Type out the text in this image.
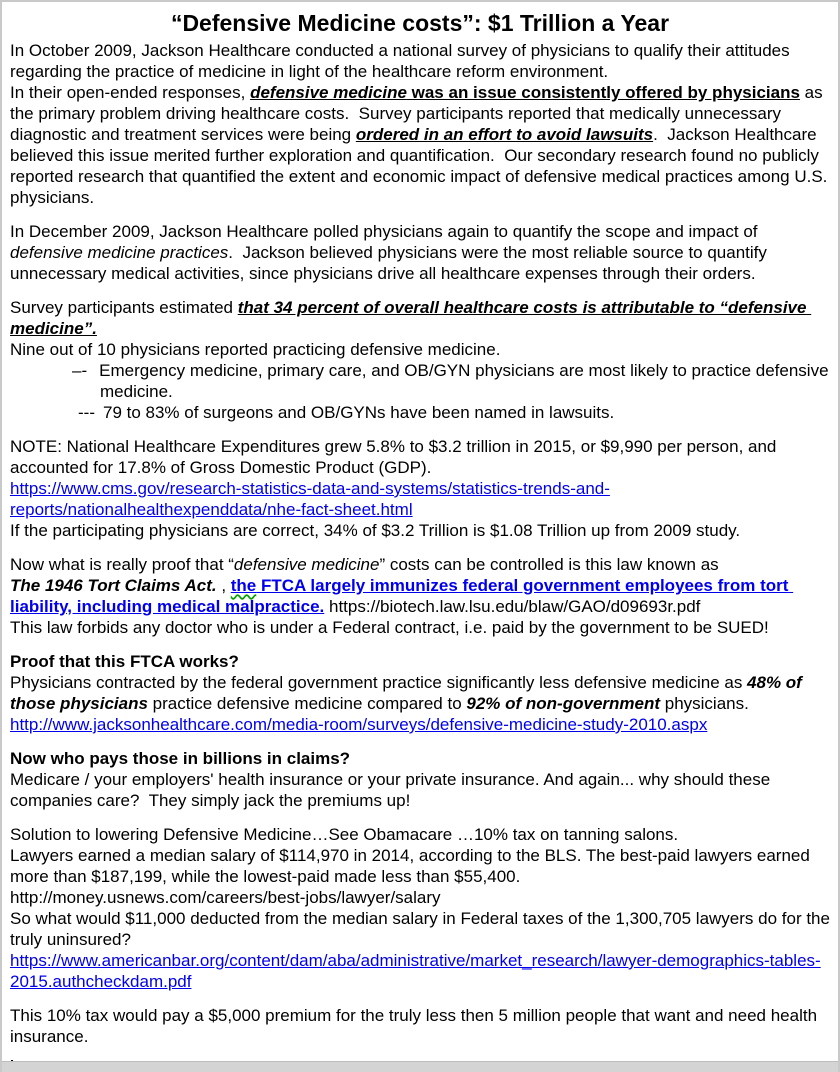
“Defensive Medicine costs”: $1 Trillion a Year
In October 2009, Jackson Healthcare conducted a national survey of physicians to qualify their attitudes regarding the practice of medicine in light of the healthcare reform environment.
In their open-ended responses, defensive medicine was an issue consistently offered by physicians as the primary problem driving healthcare costs.  Survey participants reported that medically unnecessary diagnostic and treatment services were being ordered in an effort to avoid lawsuits.  Jackson Healthcare believed this issue merited further exploration and quantification.  Our secondary research found no publicly reported research that quantified the extent and economic impact of defensive medical practices among U.S. physicians.
In December 2009, Jackson Healthcare polled physicians again to quantify the scope and impact of defensive medicine practices.  Jackson believed physicians were the most reliable source to quantify unnecessary medical activities, since physicians drive all healthcare expenses through their orders.
Survey participants estimated that 34 percent of overall healthcare costs is attributable to “defensive medicine”.
Nine out of 10 physicians reported practicing defensive medicine.
–- Emergency medicine, primary care, and OB/GYN physicians are most likely to practice defensive medicine.
--- 79 to 83% of surgeons and OB/GYNs have been named in lawsuits.
NOTE: National Healthcare Expenditures grew 5.8% to $3.2 trillion in 2015, or $9,990 per person, and accounted for 17.8% of Gross Domestic Product (GDP).
https://www.cms.gov/research-statistics-data-and-systems/statistics-trends-and-reports/nationalhealthexpenddata/nhe-fact-sheet.html
If the participating physicians are correct, 34% of $3.2 Trillion is $1.08 Trillion up from 2009 study.
Now what is really proof that “defensive medicine” costs can be controlled is this law known as
The 1946 Tort Claims Act. , the FTCA largely immunizes federal government employees from tort liability, including medical malpractice. https://biotech.law.lsu.edu/blaw/GAO/d09693r.pdf
This law forbids any doctor who is under a Federal contract, i.e. paid by the government to be SUED!
Proof that this FTCA works?
Physicians contracted by the federal government practice significantly less defensive medicine as 48% of those physicians practice defensive medicine compared to 92% of non-government physicians.
http://www.jacksonhealthcare.com/media-room/surveys/defensive-medicine-study-2010.aspx
Now who pays those in billions in claims?
Medicare / your employers' health insurance or your private insurance. And again... why should these companies care?  They simply jack the premiums up!
Solution to lowering Defensive Medicine…See Obamacare …10% tax on tanning salons.
Lawyers earned a median salary of $114,970 in 2014, according to the BLS. The best-paid lawyers earned more than $187,199, while the lowest-paid made less than $55,400.
http://money.usnews.com/careers/best-jobs/lawyer/salary
So what would $11,000 deducted from the median salary in Federal taxes of the 1,300,705 lawyers do for the truly uninsured?
https://www.americanbar.org/content/dam/aba/administrative/market_research/lawyer-demographics-tables-2015.authcheckdam.pdf
This 10% tax would pay a $5,000 premium for the truly less then 5 million people that want and need health insurance.
